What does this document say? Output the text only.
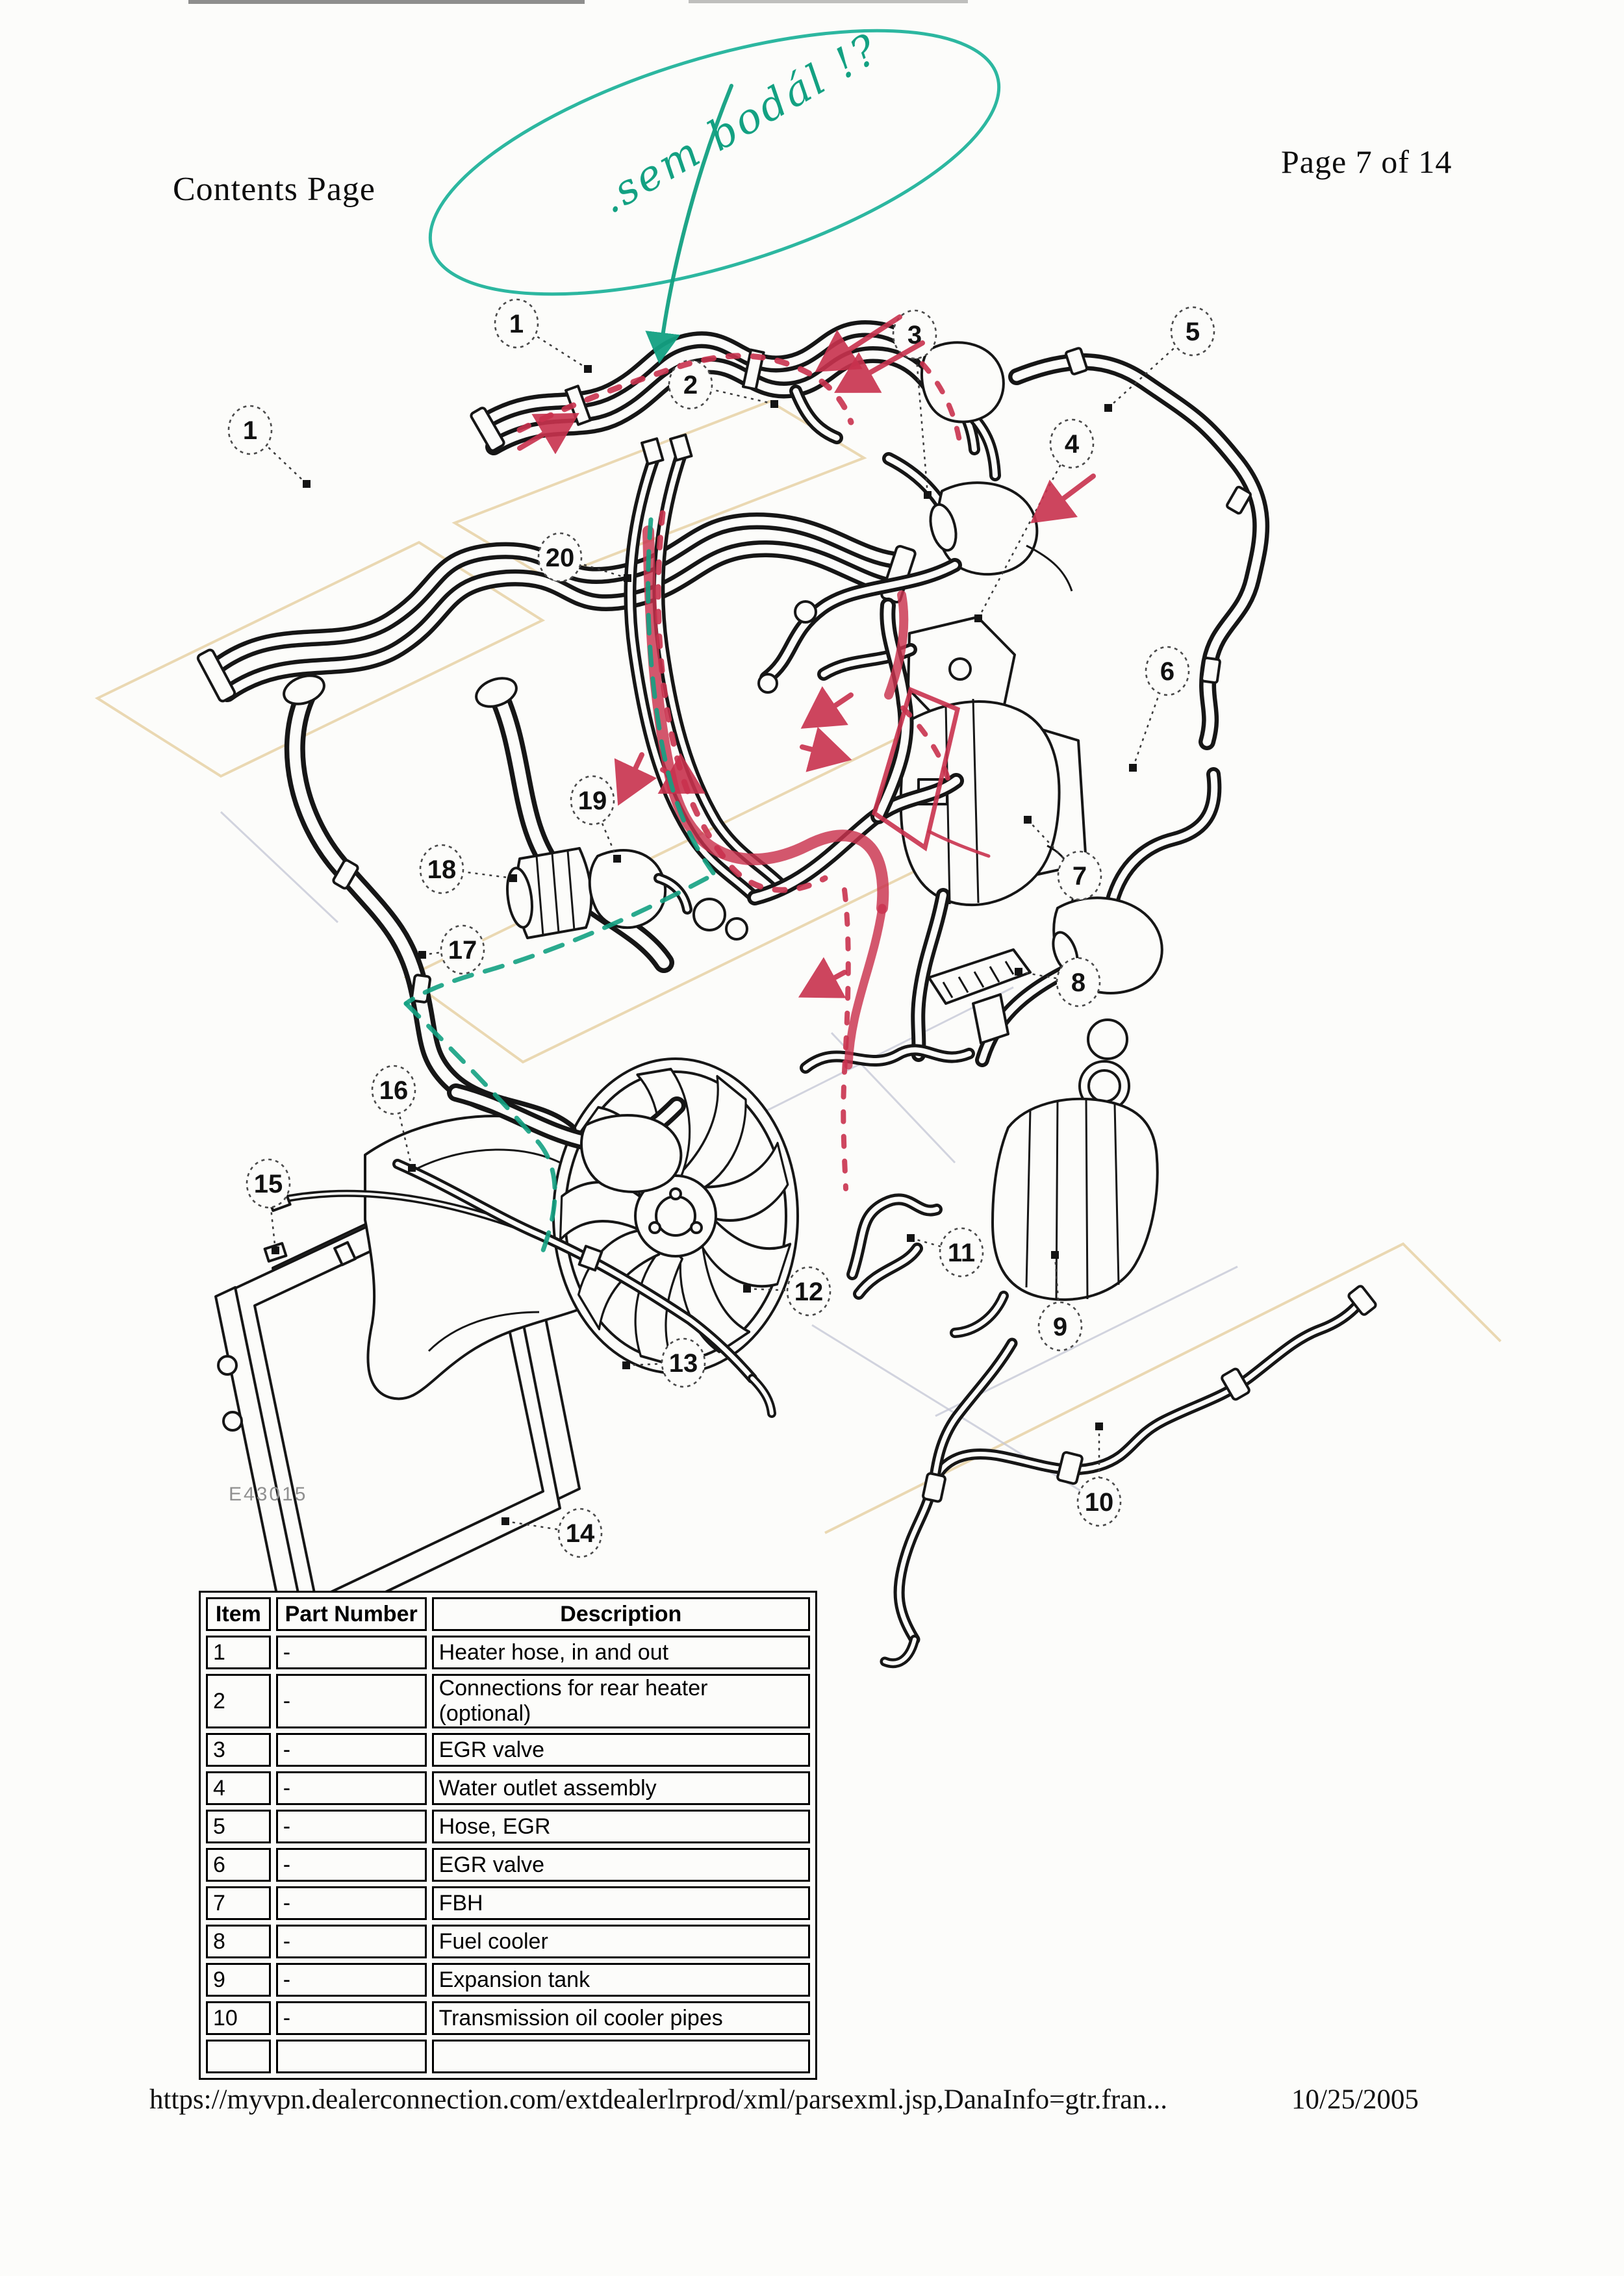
Contents Page
Page 7 of 14
1
2
3	5
4
1
20
6
7
19
18
17
8
16
15
11
12
9
13
14
10
.sem bodál !?
E43015
Item	Part Number	Description
1	-	Heater hose, in and out
2	-	Connections for rear heater (optional)
3	-	EGR valve
4	-	Water outlet assembly
5	-	Hose, EGR
6	-	EGR valve
7	-	FBH
8	-	Fuel cooler
9	-	Expansion tank
10	-	Transmission oil cooler pipes

https://myvpn.dealerconnection.com/extdealerlrprod/xml/parsexml.jsp,DanaInfo=gtr.fran...	10/25/2005
